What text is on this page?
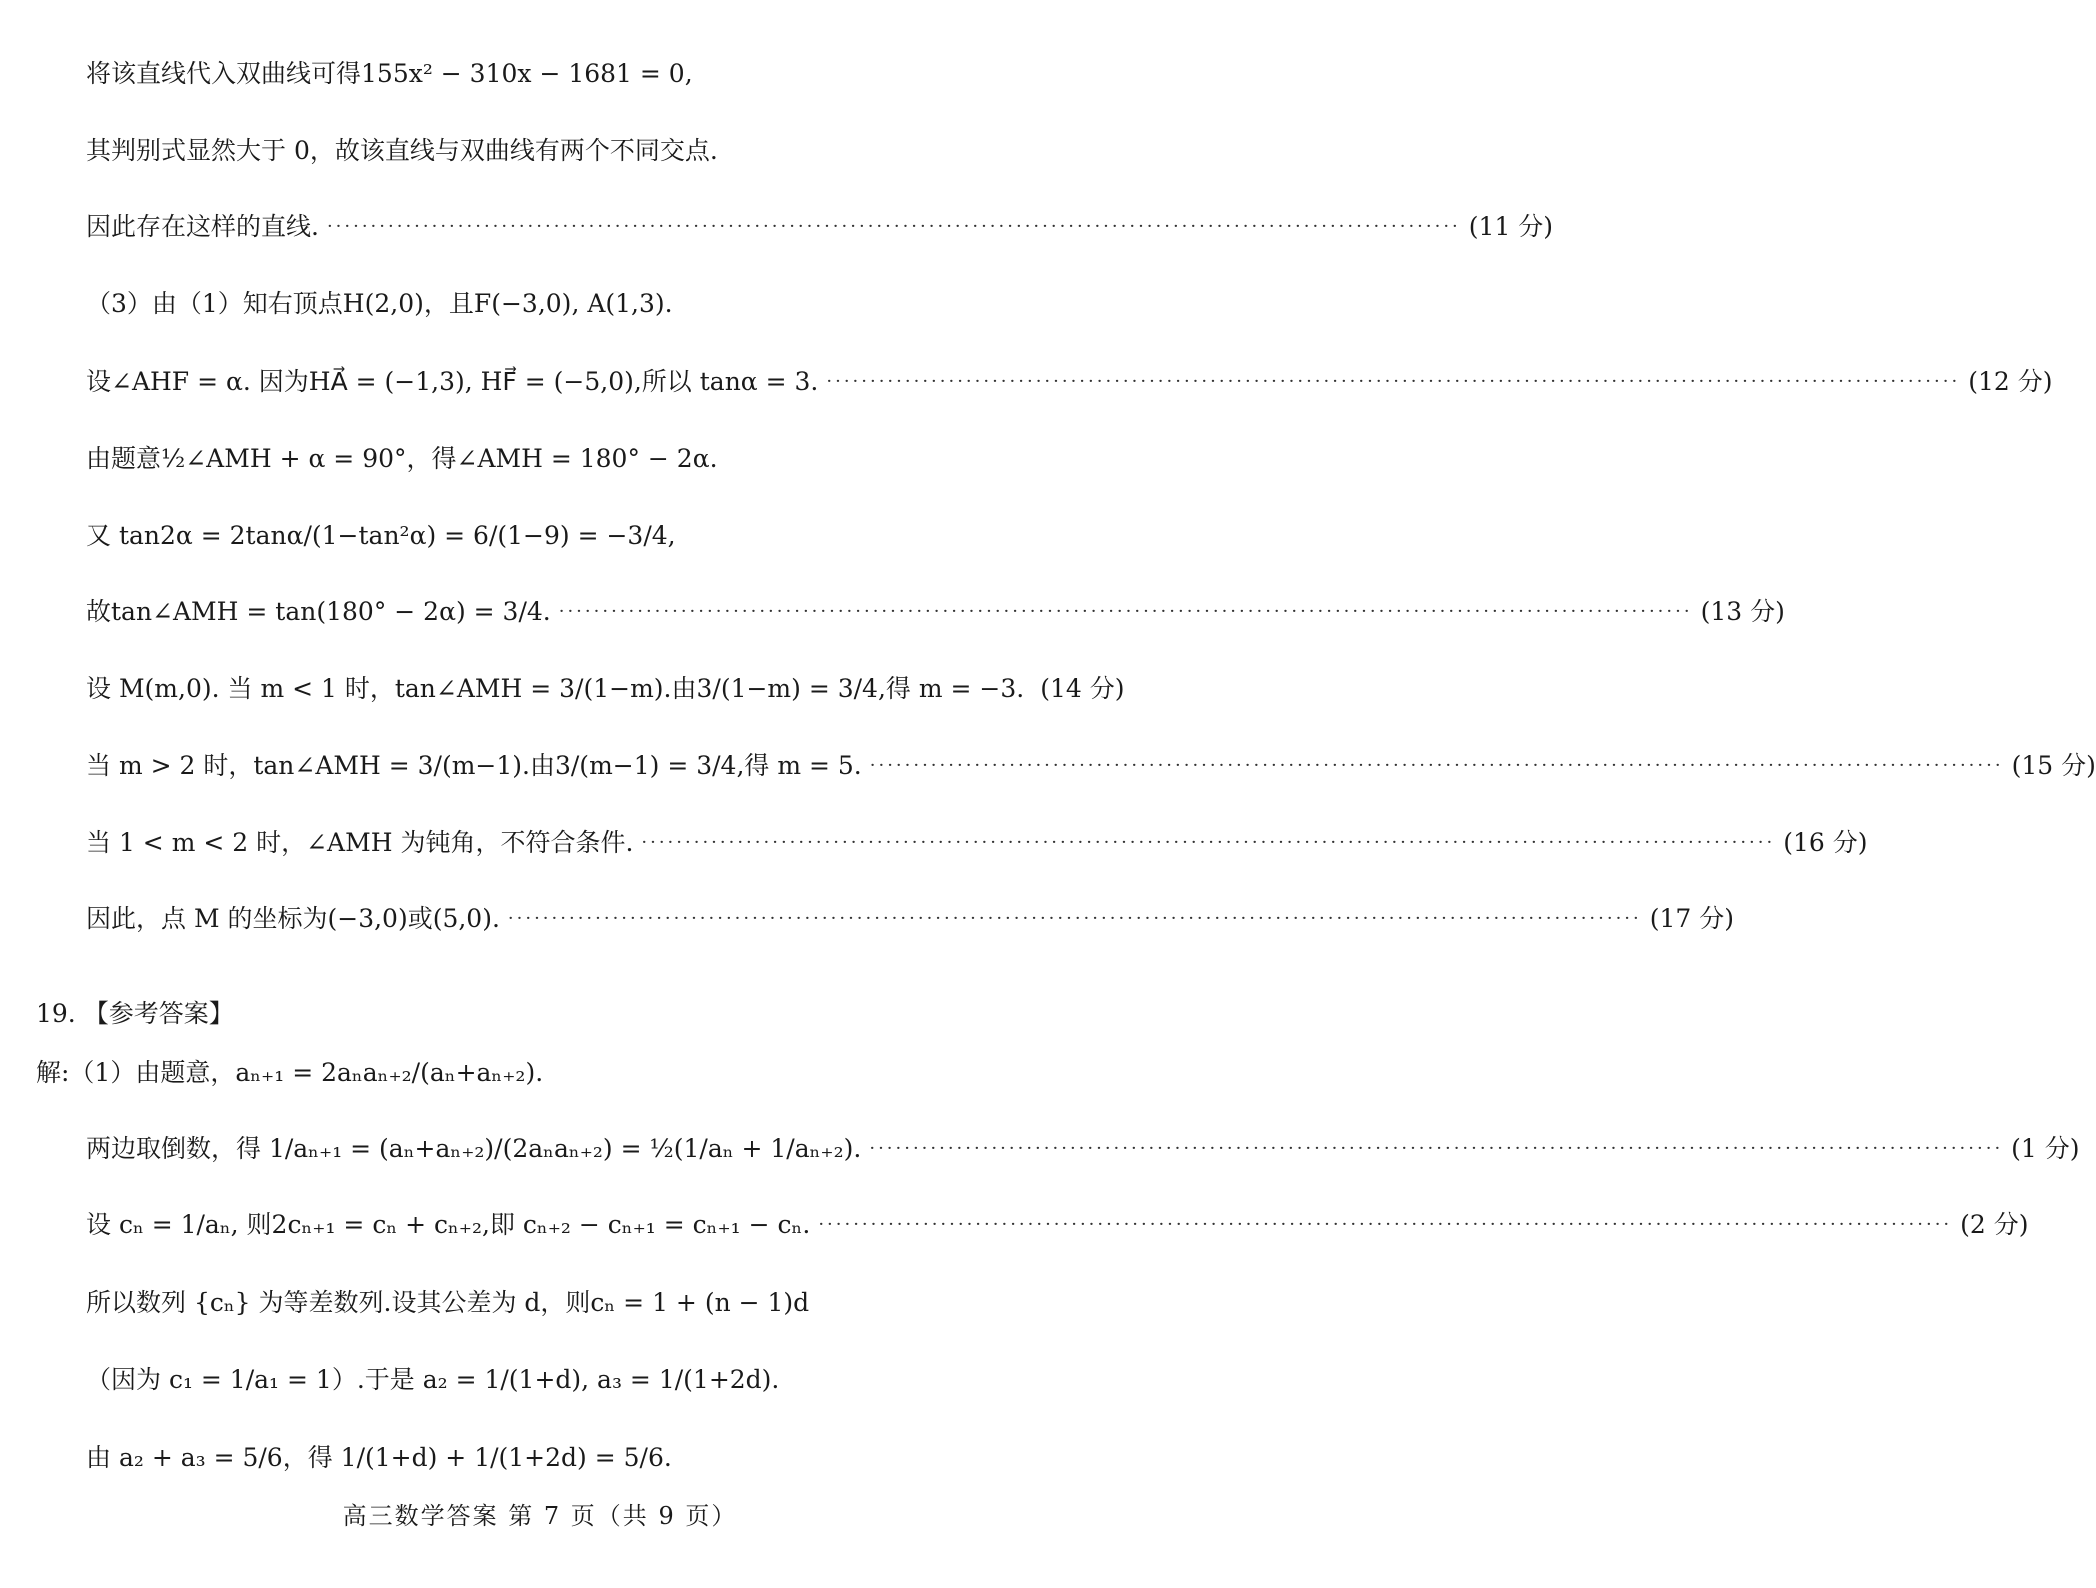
将该直线代入双曲线可得155x² − 310x − 1681 = 0,
其判别式显然大于 0，故该直线与双曲线有两个不同交点.
因此存在这样的直线. ·····	(11 分)
（3）由（1）知右顶点H(2,0)，且F(−3,0), A(1,3).
设∠AHF = α. 因为HA⃗ = (−1,3), HF⃗ = (−5,0),所以 tanα = 3. ·····	(12 分)
由题意½∠AMH + α = 90°，得∠AMH = 180° − 2α.
又 tan2α = 2tanα/(1−tan²α) = 6/(1−9) = −3/4,
故tan∠AMH = tan(180° − 2α) = 3/4. ·····	(13 分)
设 M(m,0). 当 m < 1 时，tan∠AMH = 3/(1−m).由3/(1−m) = 3/4,得 m = −3. (14 分)
当 m > 2 时，tan∠AMH = 3/(m−1).由3/(m−1) = 3/4,得 m = 5. ·····	(15 分)
当 1 < m < 2 时，∠AMH 为钝角，不符合条件. ·····	(16 分)
因此，点 M 的坐标为(−3,0)或(5,0). ·····	(17 分)
19. 【参考答案】
解:（1）由题意，aₙ₊₁ = 2aₙaₙ₊₂/(aₙ+aₙ₊₂).
两边取倒数，得 1/aₙ₊₁ = (aₙ+aₙ₊₂)/(2aₙaₙ₊₂) = ½(1/aₙ + 1/aₙ₊₂). ·····	(1 分)
设 cₙ = 1/aₙ, 则2cₙ₊₁ = cₙ + cₙ₊₂,即 cₙ₊₂ − cₙ₊₁ = cₙ₊₁ − cₙ. ·····	(2 分)
所以数列 {cₙ} 为等差数列.设其公差为 d，则cₙ = 1 + (n − 1)d
（因为 c₁ = 1/a₁ = 1）.于是 a₂ = 1/(1+d), a₃ = 1/(1+2d).
由 a₂ + a₃ = 5/6，得 1/(1+d) + 1/(1+2d) = 5/6.
高三数学答案 第 7 页（共 9 页）
